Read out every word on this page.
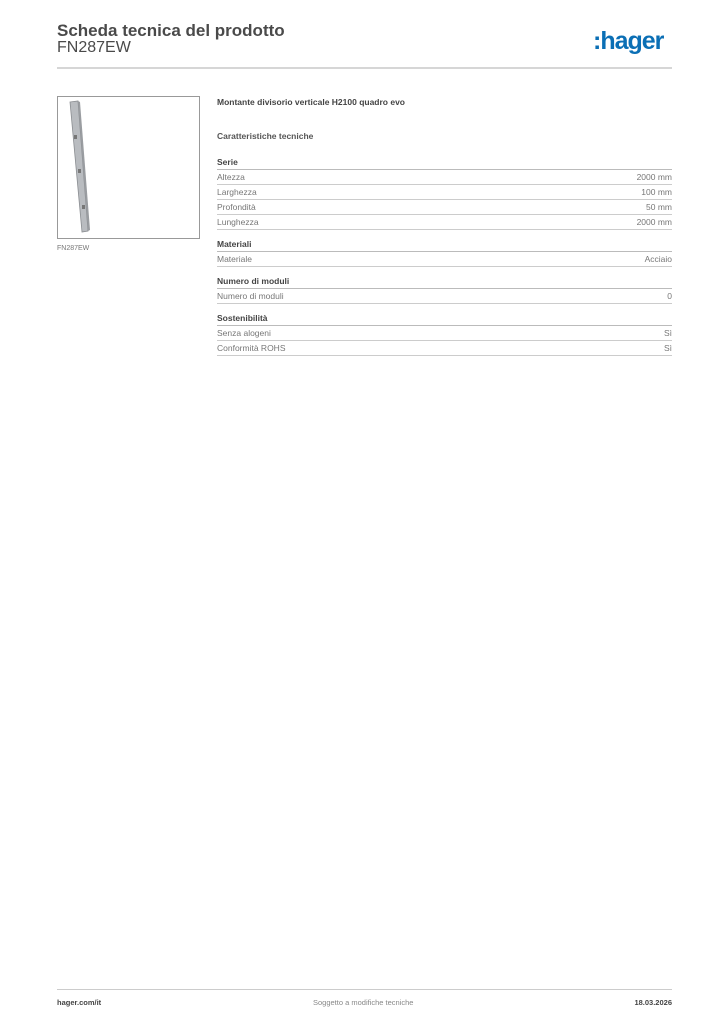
Scheda tecnica del prodotto
FN287EW	:hager
FN287EW
Montante divisorio verticale H2100 quadro evo
Caratteristiche tecniche
Serie
Altezza	2000 mm
Larghezza	100 mm
Profondità	50 mm
Lunghezza	2000 mm
Materiali
Materiale	Acciaio
Numero di moduli
Numero di moduli	0
Sostenibilità
Senza alogeni	Sì
Conformità ROHS	Sì
hager.com/it	Soggetto a modifiche tecniche	18.03.2026
